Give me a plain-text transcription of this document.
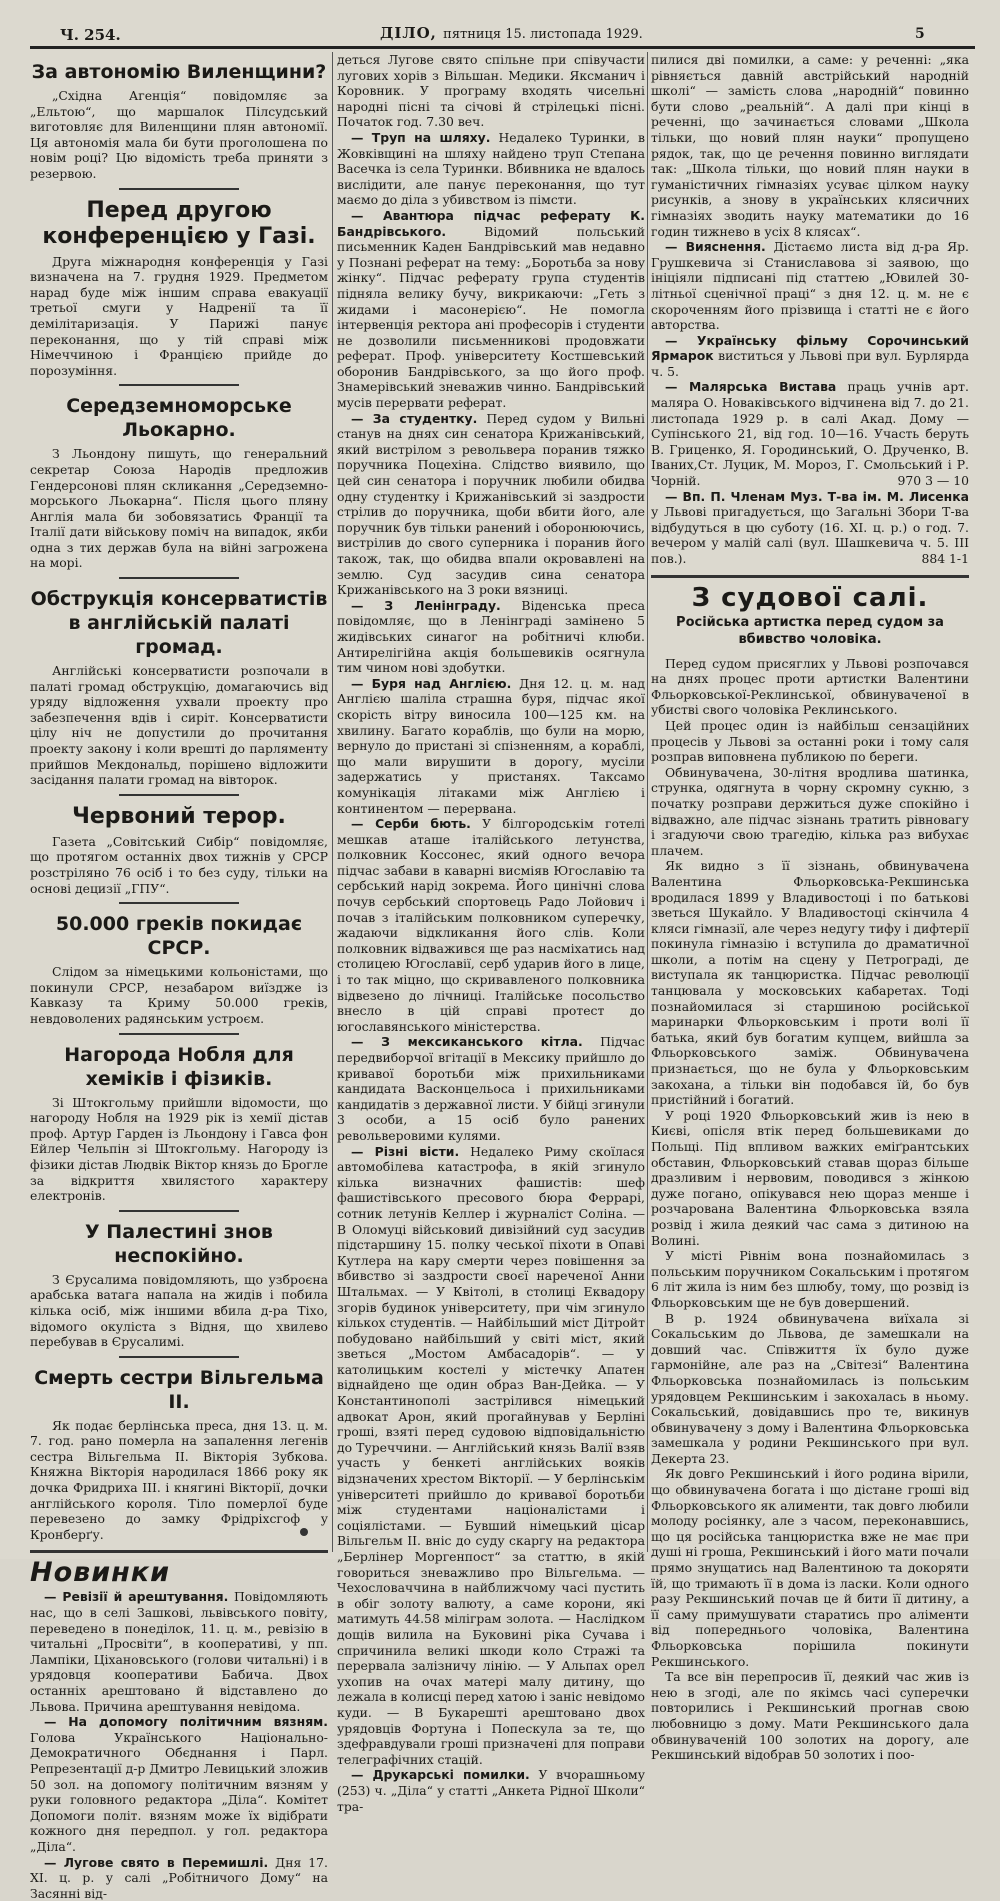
Ч. 254.	ДІЛО, пятниця 15. листопада 1929.	5
За автономію Виленщини?

„Східна Агенція“ повідомляє за „Ельтою“, що маршалок Пілсудський виготовляє для Виленщини плян автономії. Ця автономія мала би бути проголошена по новім році? Цю відомість треба приняти з резервою.

Перед другою конференцією у Газі.

Друга міжнародня конференція у Газі визначена на 7. грудня 1929. Предметом нарад буде між іншим справа евакуації третьої смуги у Надренії та її демілітаризація. У Парижі панує переконання, що у тій справі між Німеччиною і Францією прийде до порозуміння.

Середземноморське Льокарно.

З Льондону пишуть, що генеральний секретар Союза Народів предложив Гендерсонові плян скликання „Середземно-морського Льокарна“. Після цього пляну Англія мала би зобовязатись Франції та Італії дати військову поміч на випадок, якби одна з тих держав була на війні загрожена на морі.

Обструкція консерватистів в англійській палаті громад.

Англійські консерватисти розпочали в палаті громад обструкцію, домагаючись від уряду відложення ухвали проекту про забезпечення вдів і сиріт. Консерватисти цілу ніч не допустили до прочитання проекту закону і коли врешті до парляменту прийшов Мекдональд, порішено відложити засідання палати громад на вівторок.

Червоний терор.

Газета „Совітський Сибір“ повідомляє, що протягом останніх двох тижнів у СРСР розстріляно 76 осіб і то без суду, тільки на основі децизії „ГПУ“.

50.000 греків покидає СРСР.

Слідом за німецькими кольоністами, що покинули СРСР, незабаром виїздже із Кавказу та Криму 50.000 греків, невдоволених радянським устроєм.

Нагорода Нобля для хеміків і фізиків.

Зі Штокгольму прийшли відомости, що нагороду Нобля на 1929 рік із хемії дістав проф. Артур Гарден із Льондону і Гавса фон Ейлер Чельпін зі Штокгольму. Нагороду із фізики дістав Людвік Віктор князь до Брогле за відкриття хвилястого характеру електронів.

У Палестині знов неспокійно.

З Єрусалима повідомляють, що узброєна арабська ватага напала на жидів і побила кілька осіб, між іншими вбила д-ра Тіхо, відомого окуліста з Відня, що хвилево перебував в Єрусалимі.

Смерть сестри Вільгельма II.

Як подає берлінська преса, дня 13. ц. м. 7. год. рано померла на запалення легенів сестра Вільгельма II. Вікторія Зубкова. Княжна Вікторія народилася 1866 року як дочка Фридриха III. і княгині Вікторії, дочки англійського короля. Тіло померлої буде перевезено до замку Фрідріхсгоф у Кронберґу.

Новинки

— Ревізії й арештування. Повідомляють нас, що в селі Зашкові, львівського повіту, переведено в понеділок, 11. ц. м., ревізію в читальні „Просвіти“, в кооперативі, у пп. Лампіки, Ціхановського (голови читальні) і в урядовця кооперативи Бабича. Двох останніх арештовано й відставлено до Львова. Причина арештування невідома.

— На допомогу політичним вязням. Голова Українського Національно-Демократичного Обєднання і Парл. Репрезентації д-р Дмитро Левицький зложив 50 зол. на допомогу політичним вязням у руки головного редактора „Діла“. Комітет Допомоги політ. вязням може їх відібрати кожного дня передпол. у гол. редактора „Діла“.

— Лугове свято в Перемишлі. Дня 17. XI. ц. р. у салі „Робітничого Дому“ на Засянні від-

деться Лугове свято спільне при співучасти лугових хорів з Вільшан. Медики. Яксманич і Коровник. У програму входять чисельні народні пісні та січові й стрілецькі пісні. Початок год. 7.30 веч.

— Труп на шляху. Недалеко Туринки, в Жовківщині на шляху найдено труп Степана Васечка із села Туринки. Вбивника не вдалось вислідити, але панує переконання, що тут маємо до діла з убивством із пімсти.

— Авантюра підчас реферату К. Бандрівського.	Відомий польський письменник Каден Бандрівський мав недавно у Познані реферат на тему: „Боротьба за нову жінку“. Підчас реферату група студентів підняла велику бучу, викрикаючи: „Геть з жидами і масонерією“. Не помогла інтервенція ректора ані професорів і студенти не дозволили письменникові продовжати реферат. Проф. університету Костшевський оборонив Бандрівського, за що його проф. Знамерівський зневажив чинно. Бандрівський мусів перервати реферат.

— За студентку. Перед судом у Вильні станув на днях син сенатора Крижанівський, який вистрілом з револьвера поранив тяжко поручника Поцехіна. Слідство виявило, що цей син сенатора і поручник любили обидва одну студентку і Крижанівський зі заздрости стрілив до поручника, щоби вбити його, але поручник був тільки ранений і оборонюючись, вистрілив до свого суперника і поранив його також, так, що обидва впали окровавлені на землю. Суд засудив сина сенатора Крижанівського на 3 роки вязниці.

— З Ленінграду. Віденська преса повідомляє, що в Ленінграді замінено 5 жидівських синагог на робітничі клюби. Антирелігійна акція большевиків осягнула тим чином нові здобутки.

— Буря над Англією. Дня 12. ц. м. над Англією шаліла страшна буря, підчас якої скорість вітру виносила 100—125 км. на хвилину. Багато кораблів, що були на морю, вернуло до пристані зі спізненням, а кораблі, що мали вирушити в дорогу, мусіли задержатись у пристанях. Таксамо комунікація літаками між Англією і континентом — перервана.

— Серби бють. У білгородськім готелі мешкав аташе італійського летунства, полковник Коссонес, який одного вечора підчас забави в каварні висміяв Югославію та сербський нарід зокрема. Його цинічні слова почув сербський спортовець Радо Лойович і почав з італійським полковником суперечку, жадаючи відкликання його слів. Коли полковник відважився ще раз насміхатись над столицею Югославії, серб ударив його в лице, і то так міцно, що скривавленого полковника відвезено до лічниці. Італійське посольство внесло в цій справі протест до югославянського міністерства.

— З мексиканського кітла. Підчас передвиборчої вгітації в Мексику прийшло до кривавої боротьби між прихильниками кандидата Васконцельоса і прихильниками кандидатів з державної листи. У бійці згинули 3 особи, а 15 осіб було ранених револьверовими кулями.

— Різні вісти. Недалеко Риму скоїлася автомобілева катастрофа, в якій згинуло кілька визначних фашистів: шеф фашистівського пресового бюра Феррарі, сотник летунів Келлер і журналіст Соліна. — В Оломуці військовий дивізійний суд засудив підстаршину 15. полку чеської піхоти в Опаві Кутлера на кару смерти через повішення за вбивство зі заздрости своєї нареченої Анни Штальмах. — У Квітолі, в столиці Еквадору згорів будинок університету, при чім згинуло кількох студентів. — Найбільший міст Дітройт побудовано найбільший у світі міст, який зветься „Мостом Амбасадорів“. — У католицьким костелі у містечку Апатен віднайдено ще один образ Ван-Дейка. — У Константинополі застрілився німецький адвокат Арон, який прогайнував у Берліні гроші, взяті перед судовою відповідальністю до Туреччини. — Англійський князь Валії взяв участь у бенкеті англійських вояків відзначених хрестом Вікторії. — У берлінськім університеті прийшло до кривавої боротьби між студентами націоналістами і соціялістами. — Бувший німецький цісар Вільгельм II. вніс до суду скаргу на редактора „Берлінер Моргенпост“ за статтю, в якій говориться зневажливо про Вільгельма. — Чехословаччина в найближчому часі пустить в обіг золоту валюту, а саме корони, які матимуть 44.58 міліграм золота. — Наслідком дощів вилила на Буковині ріка Сучава і спричинила великі шкоди коло Стражі та перервала залізничу лінію. — У Альпах орел ухопив на очах матері малу дитину, що лежала в колисці перед хатою і заніс невідомо куди. — В Букарешті арештовано двох урядовців Фортуна і Попескула за те, що здефравдували гроші призначені для поправи телеграфічних стацій.

— Друкарські помилки. У вчорашньому (253) ч. „Діла“ у статті „Анкета Рідної Школи“ тра-

пилися дві помилки, а саме: у реченні: „яка рівняється давній австрійський народній школі“ — замість слова „народній“ повинно бути слово „реальній“. А далі при кінці в реченні, що зачинається словами „Школа тільки, що новий плян науки“ пропущено рядок, так, що це речення повинно виглядати так: „Школа тільки, що новий плян науки в гуманістичних гімназіях усуває цілком науку рисунків, а знову в українських клясичних гімназіях зводить науку математики до 16 годин тижнево в усіх 8 клясах“.

— Вияснення. Дістаємо листа від д-ра Яр. Грушкевича зі Станиславова зі заявою, що ініціяли підписані під статтею „Ювилей 30-літньої сценічної праці“ з дня 12. ц. м. не є скороченням його прізвища і статті не є його авторства.

— Українську фільму Сорочинський Ярмарок виститься у Львові при вул. Бурлярда ч. 5.

— Малярська Виставa праць учнів арт. маляра О. Новаківського відчинена від 7. до 21. листопада 1929 р. в салі Акад. Дому — Супінського 21, від год. 10—16. Участь беруть В. Гриценко, Я. Городинський, О. Друченко, В. Іваних,Ст. Луцик, М. Мороз, Г. Смольський і Р. Чорній.	970 3 — 10

— Вп. П. Членам Муз. Т-ва ім. М. Лисенка у Львові пригадується, що Загальні Збори Т-ва відбудуться в цю суботу (16. XI. ц. р.) о год. 7. вечером у малій салі (вул. Шашкевича ч. 5. III пов.).	884 1-1

З судової салі.
Російська артистка перед судом за вбивство чоловіка.

Перед судом присяглих у Львові розпочався на днях процес проти артистки Валентини Фльорковської-Реклинської, обвинуваченої в убистві свого чоловіка Реклинського.

Цей процес один із найбільш сензаційних процесів у Львові за останні роки і тому саля розправ виповнена публикою по береги.

Обвинувачена, 30-літня вродлива шатинка, струнка, одягнута в чорну скромну сукню, з початку розправи держиться дуже спокійно і відважно, але підчас зізнань тратить рівновагу і згадуючи свою трагедію, кілька раз вибухає плачем.

Як видно з її зізнань, обвинувачена Валентина Фльорковська-Рекшинська вродилася 1899 у Владивостоці і по батькові зветься Шукайло. У Владивостоці скінчила 4 кляси гімназії, але через недугу тифу і дифтерії покинула гімназію і вступила до драматичної школи, а потім на сцену у Петроградi, де виступала як танцюристка. Підчас революції танцювала у московських кабаретах. Тоді познайомилася зі старшиною російської маринарки Фльорковським і проти волі її батька, який був богатим купцем, вийшла за Фльорковського заміж. Обвинувачена признається, що не була у Фльорковським закохана, а тільки він подобався їй, бо був пристійний і богатий.

У році 1920 Фльорковський жив із нею в Києві, опісля втік перед большевиками до Польщі. Під впливом важких еміґрантських обставин, Фльорковський ставав щораз більше дразливим і нервовим, поводився з жінкою дуже погано, опікувався нею щораз менше і розчарована Валентина Фльорковська взяла розвід і жила деякий час сама з дитиною на Волині.

У місті Рівнім вона познайомилась з польським поручником Сокальським і протягом 6 літ жила із ним без шлюбу, тому, що розвід із Фльорковським ще не був довершений.

В р. 1924 обвинувачена виїхала зі Сокальським до Львова, де замешкали на довший час. Співжиття їх було дуже гармонійне, але раз на „Світезі“ Валентина Фльорковська познайомилась із польським урядовцем Рекшинським і закохалась в ньому. Сокальський, довідавшись про те, викинув обвинувачену з дому і Валентина Фльорковська замешкала у родини Рекшинського при вул. Декерта 23.

Як довго Рекшинський і його родина вірили, що обвинувачена богата і що дістане гроші від Фльорковського як алименти, так довго любили молоду росіянку, але з часом, переконавшись, що ця російська танцюристка вже не має при душі ні гроша, Рекшинський і його мати почали прямо знущатись над Валентиною та докоряти їй, що тримають її в дома із ласки. Коли одного разу Рекшинський почав це й бити її дитину, а її саму примушувати старатись про аліменти від попереднього чоловіка, Валентина Фльорковська порішила покинути Рекшинського.

Та все він перепросив її, деякий час жив із нею в згоді, але по якімсь часі суперечки повторились і Рекшинський прогнав свою любовницю з дому. Мати Рекшинського дала обвинуваченій 100 золотих на дорогу, але Рекшинський відобрав 50 золотих і поо-
